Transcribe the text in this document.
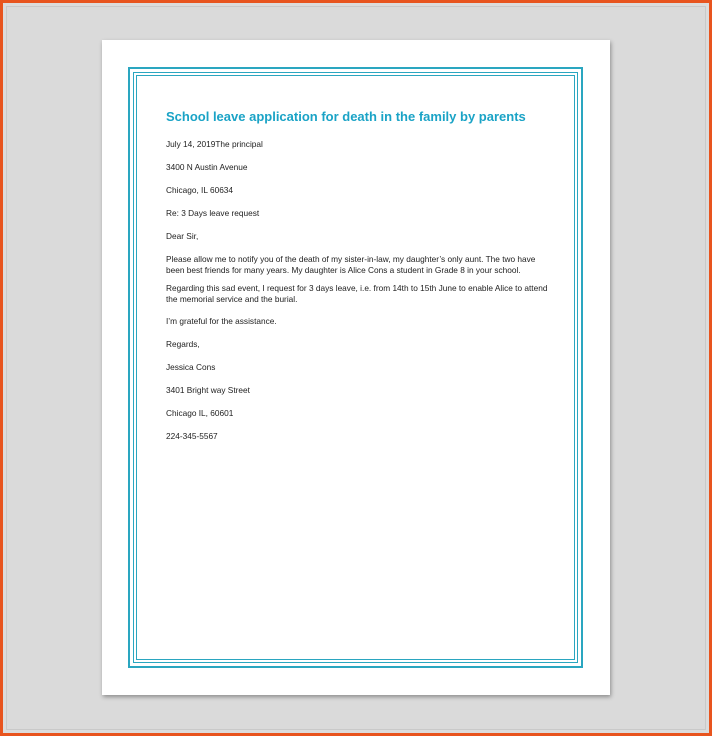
School leave application for death in the family by parents
July 14, 2019The principal
3400 N Austin Avenue
Chicago, IL 60634
Re: 3 Days leave request
Dear Sir,
Please allow me to notify you of the death of my sister-in-law, my daughter’s only aunt. The two have been best friends for many years. My daughter is Alice Cons a student in Grade 8 in your school.
Regarding this sad event, I request for 3 days leave, i.e. from 14th to 15th June to enable Alice to attend the memorial service and the burial.
I’m grateful for the assistance.
Regards,
Jessica Cons
3401 Bright way Street
Chicago IL, 60601
224-345-5567
